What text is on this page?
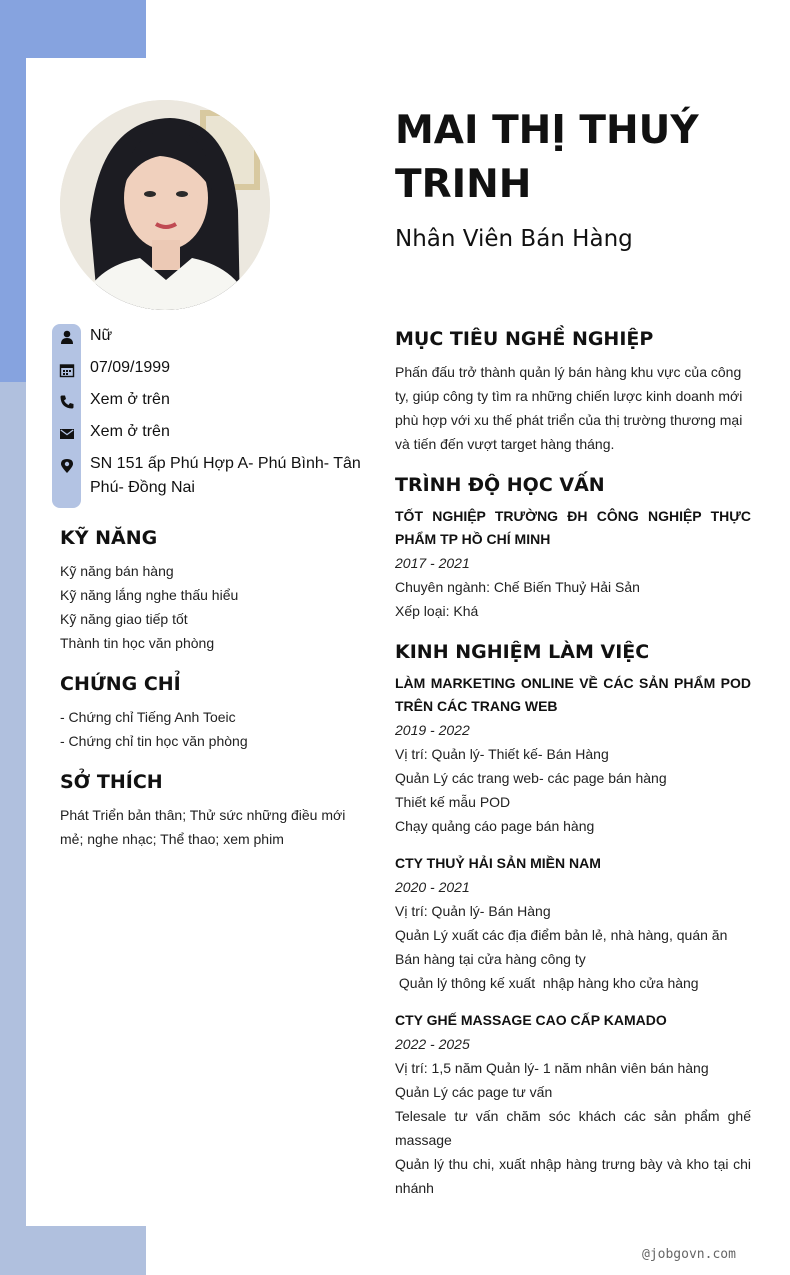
MAI THỊ THUÝ TRINH
Nhân Viên Bán Hàng
Nữ
07/09/1999
Xem ở trên
Xem ở trên
SN 151 ấp Phú Hợp A- Phú Bình- Tân Phú- Đồng Nai
KỸ NĂNG
Kỹ năng bán hàng
Kỹ năng lắng nghe thấu hiểu
Kỹ năng giao tiếp tốt
Thành tin học văn phòng
CHỨNG CHỈ
- Chứng chỉ Tiếng Anh Toeic
- Chứng chỉ tin học văn phòng
SỞ THÍCH
Phát Triển bản thân; Thử sức những điều mới mẻ; nghe nhạc; Thể thao; xem phim
MỤC TIÊU NGHỀ NGHIỆP
Phấn đấu trở thành quản lý bán hàng khu vực của công ty, giúp công ty tìm ra những chiến lược kinh doanh mới phù hợp với xu thế phát triển của thị trường thương mại và tiến đến vượt target hàng tháng.
TRÌNH ĐỘ HỌC VẤN
TỐT NGHIỆP TRƯỜNG ĐH CÔNG NGHIỆP THỰC PHẨM TP HỒ CHÍ MINH
2017 - 2021
Chuyên ngành: Chế Biến Thuỷ Hải Sản
Xếp loại: Khá
KINH NGHIỆM LÀM VIỆC
LÀM MARKETING ONLINE VỀ CÁC SẢN PHẨM POD TRÊN CÁC TRANG WEB
2019 - 2022
Vị trí: Quản lý- Thiết kế- Bán Hàng
Quản Lý các trang web- các page bán hàng
Thiết kế mẫu POD
Chạy quảng cáo page bán hàng
CTY THUỶ HẢI SẢN MIỀN NAM
2020 - 2021
Vị trí: Quản lý- Bán Hàng
Quản Lý xuất các địa điểm bản lẻ, nhà hàng, quán ăn
Bán hàng tại cửa hàng công ty
Quản lý thông kế xuất  nhập hàng kho cửa hàng
CTY GHẾ MASSAGE CAO CẤP KAMADO
2022 - 2025
Vị trí: 1,5 năm Quản lý- 1 năm nhân viên bán hàng
Quản Lý các page tư vấn
Telesale tư vấn chăm sóc khách các sản phẩm ghế massage
Quản lý thu chi, xuất nhập hàng trưng bày và kho tại chi nhánh
@jobgovn.com
